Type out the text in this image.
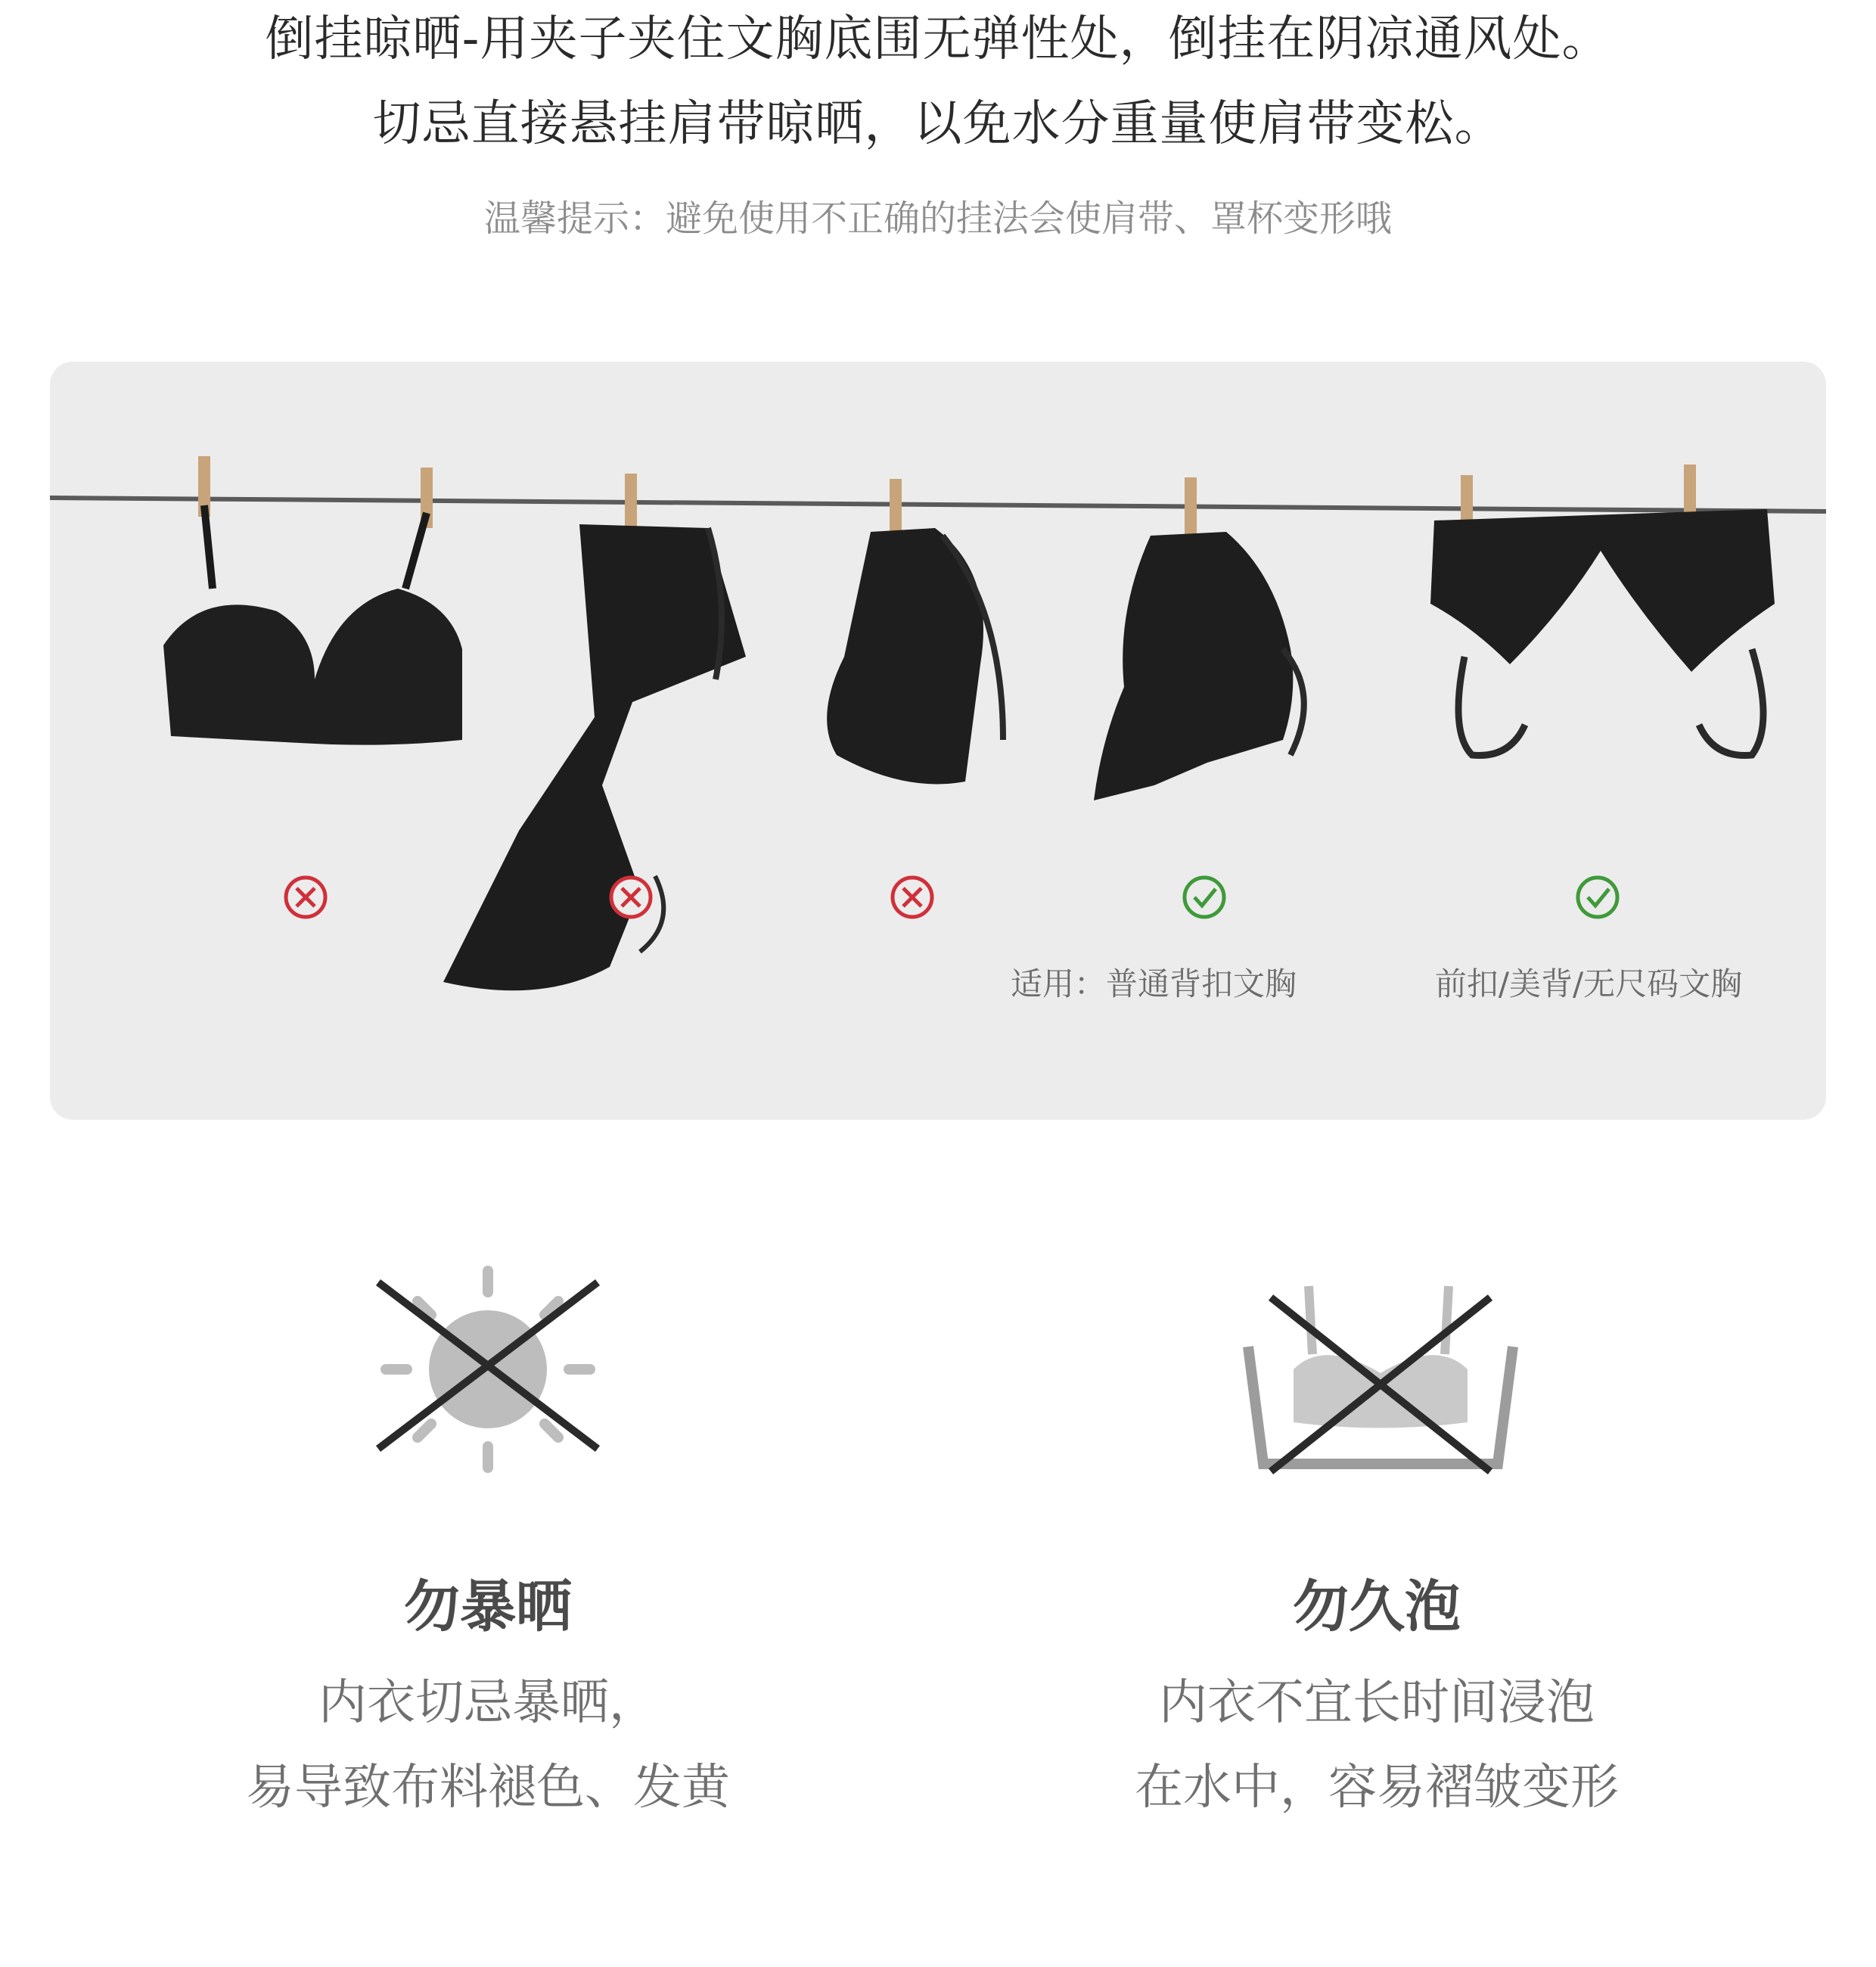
倒挂晾晒-用夹子夹住文胸底围无弹性处，倒挂在阴凉通风处。
切忌直接悬挂肩带晾晒，以免水分重量使肩带变松。
温馨提示：避免使用不正确的挂法会使肩带、罩杯变形哦
适用：普通背扣文胸	前扣/美背/无尺码文胸
勿暴晒
内衣切忌暴晒，
易导致布料褪色、发黄
勿久泡
内衣不宜长时间浸泡
在水中，容易褶皱变形
